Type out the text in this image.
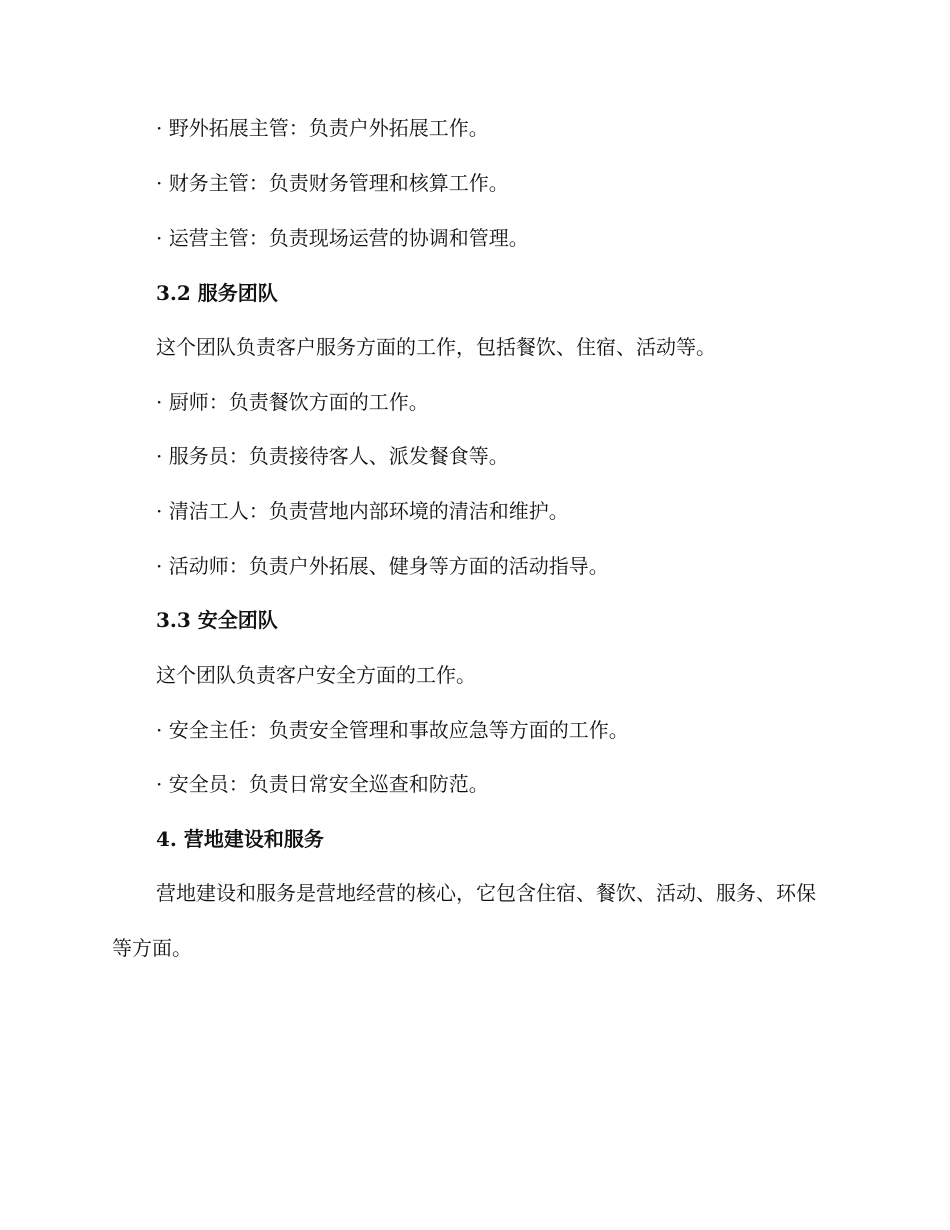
· 野外拓展主管：负责户外拓展工作。
· 财务主管：负责财务管理和核算工作。
· 运营主管：负责现场运营的协调和管理。
3.2 服务团队
这个团队负责客户服务方面的工作，包括餐饮、住宿、活动等。
· 厨师：负责餐饮方面的工作。
· 服务员：负责接待客人、派发餐食等。
· 清洁工人：负责营地内部环境的清洁和维护。
· 活动师：负责户外拓展、健身等方面的活动指导。
3.3 安全团队
这个团队负责客户安全方面的工作。
· 安全主任：负责安全管理和事故应急等方面的工作。
· 安全员：负责日常安全巡查和防范。
4. 营地建设和服务
营地建设和服务是营地经营的核心，它包含住宿、餐饮、活动、服务、环保等方面。
